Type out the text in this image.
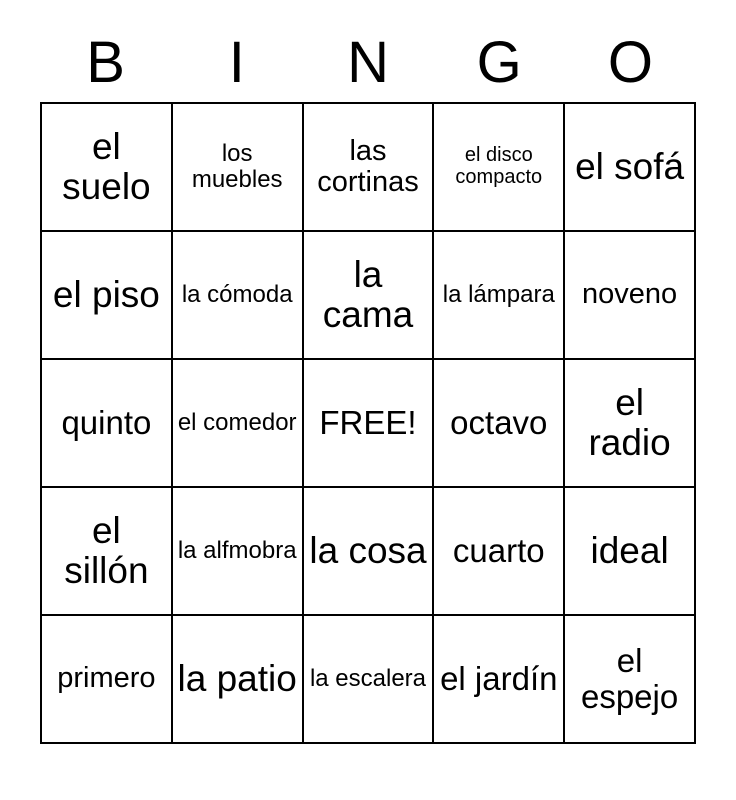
B	I	N	G	O
el suelo	los muebles	las cortinas	el disco compacto	el sofá

el piso	la cómoda	la cama	la lámpara	noveno

quinto	el comedor	FREE!	octavo	el radio

el sillón	la alfmobra	la cosa	cuarto	ideal

primero	la patio	la escalera	el jardín	el espejo
